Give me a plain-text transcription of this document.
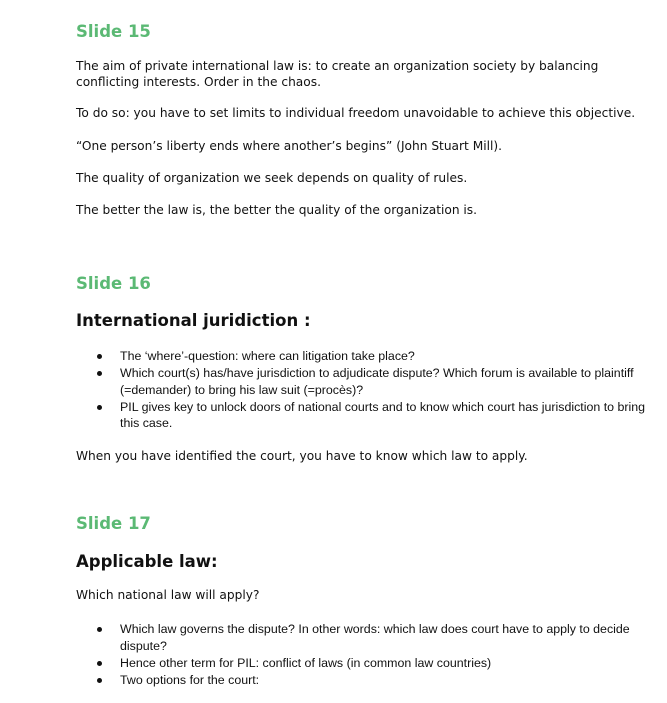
Slide 15

The aim of private international law is: to create an organization society by balancing conflicting interests. Order in the chaos.

To do so: you have to set limits to individual freedom unavoidable to achieve this objective.

“One person’s liberty ends where another’s begins” (John Stuart Mill).

The quality of organization we seek depends on quality of rules.

The better the law is, the better the quality of the organization is.

Slide 16
International juridiction :
The ‘where’-question: where can litigation take place?
Which court(s) has/have jurisdiction to adjudicate dispute? Which forum is available to plaintiff (=demander) to bring his law suit (=procès)?
PIL gives key to unlock doors of national courts and to know which court has jurisdiction to bring this case.

When you have identified the court, you have to know which law to apply.

Slide 17
Applicable law:

Which national law will apply?

Which law governs the dispute? In other words: which law does court have to apply to decide dispute?
Hence other term for PIL: conflict of laws (in common law countries)
Two options for the court:
